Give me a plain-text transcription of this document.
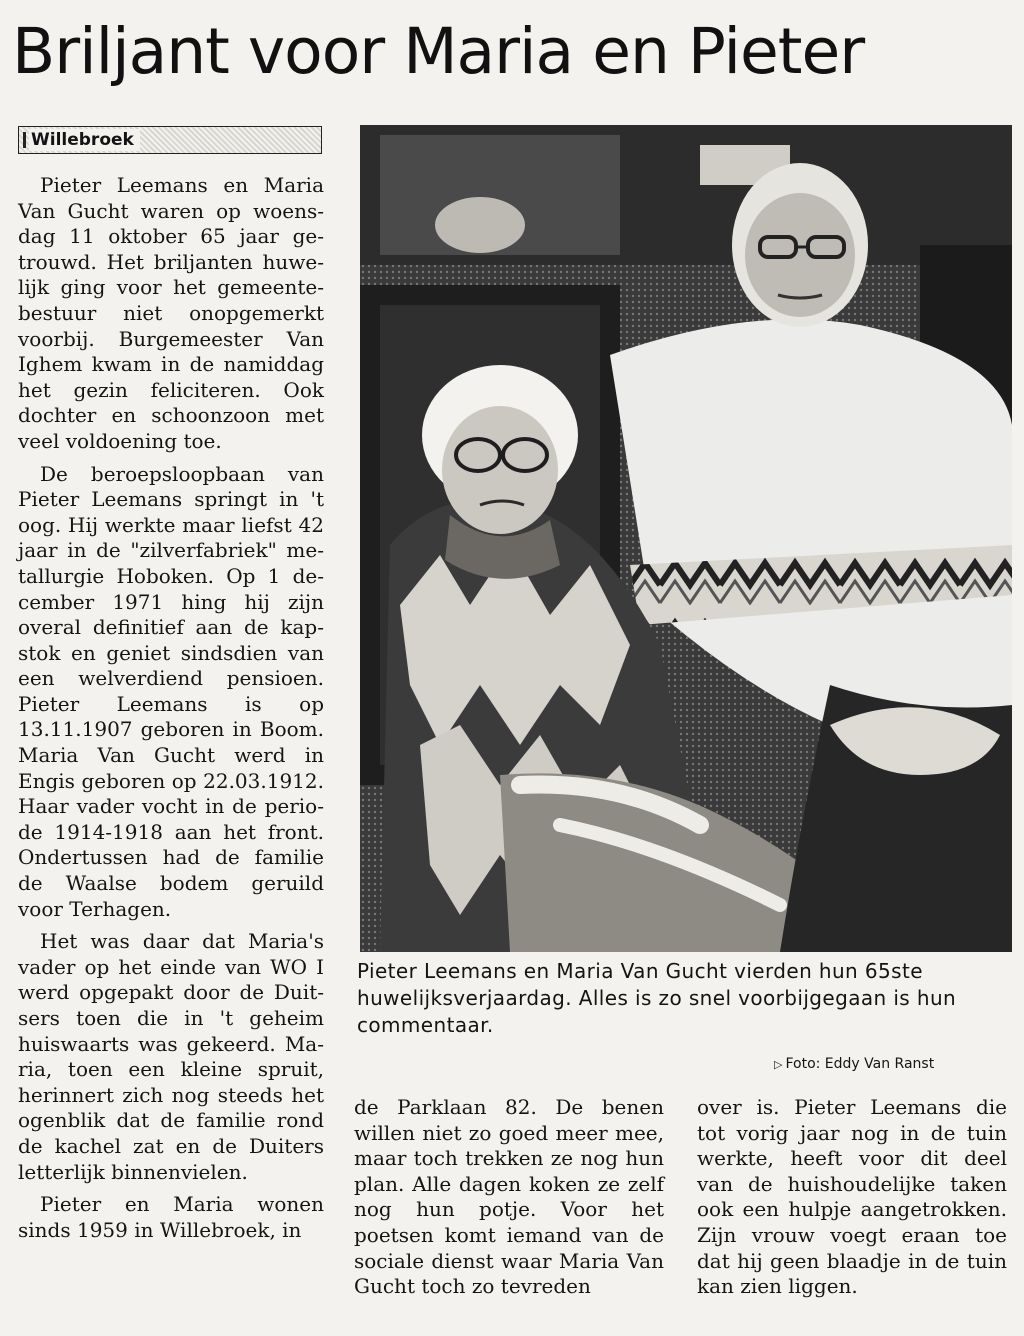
Briljant voor Maria en Pieter
Willebroek

Pieter Leemans en Maria Van Gucht waren op woensdag 11 oktober 65 jaar getrouwd. Het briljanten huwelijk ging voor het gemeentebestuur niet onopgemerkt voorbij. Burgemeester Van Ighem kwam in de namiddag het gezin feliciteren. Ook dochter en schoonzoon met veel voldoening toe.

De beroepsloopbaan van Pieter Leemans springt in 't oog. Hij werkte maar liefst 42 jaar in de "zilverfabriek" metallurgie Hoboken. Op 1 december 1971 hing hij zijn overal definitief aan de kapstok en geniet sindsdien van een welverdiend pensioen. Pieter Leemans is op 13.11.1907 geboren in Boom. Maria Van Gucht werd in Engis geboren op 22.03.1912. Haar vader vocht in de periode 1914-1918 aan het front. Ondertussen had de familie de Waalse bodem geruild voor Terhagen.

Het was daar dat Maria's vader op het einde van WO I werd opgepakt door de Duitsers toen die in 't geheim huiswaarts was gekeerd. Maria, toen een kleine spruit, herinnert zich nog steeds het ogenblik dat de familie rond de kachel zat en de Duiters letterlijk binnenvielen.

Pieter en Maria wonen sinds 1959 in Willebroek, in

Pieter Leemans en Maria Van Gucht vierden hun 65ste huwelijksverjaardag. Alles is zo snel voorbijgegaan is hun commentaar.
▷ Foto: Eddy Van Ranst

de Parklaan 82. De benen willen niet zo goed meer mee, maar toch trekken ze nog hun plan. Alle dagen koken ze zelf nog hun potje. Voor het poetsen komt iemand van de sociale dienst waar Maria Van Gucht toch zo tevreden

over is. Pieter Leemans die tot vorig jaar nog in de tuin werkte, heeft voor dit deel van de huishoudelijke taken ook een hulpje aangetrokken. Zijn vrouw voegt eraan toe dat hij geen blaadje in de tuin kan zien liggen.
